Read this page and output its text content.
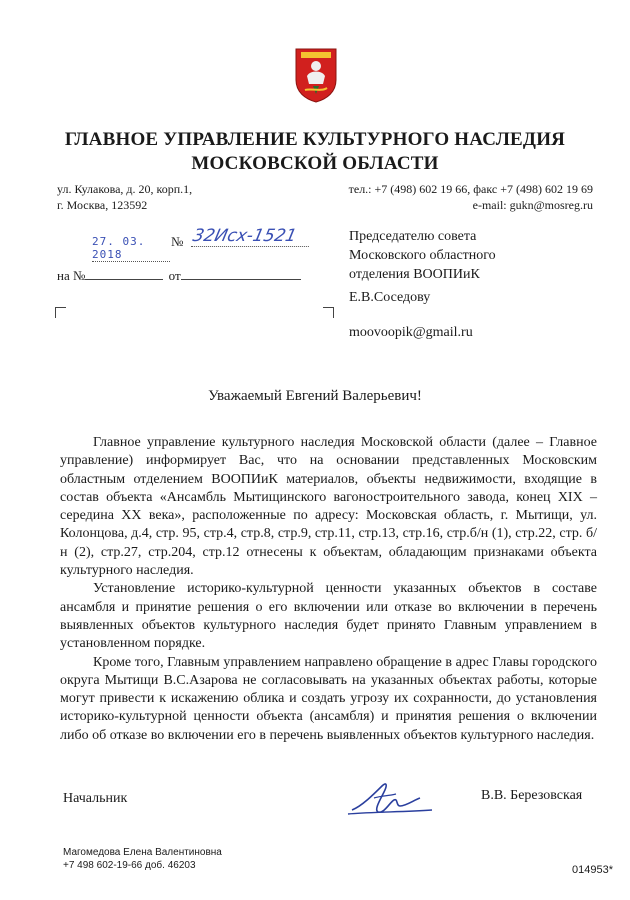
ГЛАВНОЕ УПРАВЛЕНИЕ КУЛЬТУРНОГО НАСЛЕДИЯ
МОСКОВСКОЙ ОБЛАСТИ
ул. Кулакова, д. 20, корп.1,
г. Москва, 123592
тел.: +7 (498) 602 19 66, факс +7 (498) 602 19 69
e-mail: gukn@mosreg.ru
27. 03. 2018
№ 32Исх-1521
на №	от
Председателю совета
Московского областного
отделения ВООПИиК
Е.В.Соседову
moovoopik@gmail.ru
Уважаемый Евгений Валерьевич!

Главное управление культурного наследия Московской области (далее – Главное управление) информирует Вас, что на основании представленных Московским областным отделением ВООПИиК материалов, объекты недвижимости, входящие в состав объекта «Ансамбль Мытищинского вагоностроительного завода, конец XIX – середина XX века», расположенные по адресу: Московская область, г. Мытищи, ул. Колонцова, д.4, стр. 95, стр.4, стр.8, стр.9, стр.11, стр.13, стр.16, стр.б/н (1), стр.22, стр. б/н (2), стр.27, стр.204, стр.12 отнесены к объектам, обладающим признаками объекта культурного наследия.

Установление историко-культурной ценности указанных объектов в составе ансамбля и принятие решения о его включении или отказе во включении в перечень выявленных объектов культурного наследия будет принято Главным управлением в установленном порядке.

Кроме того, Главным управлением направлено обращение в адрес Главы городского округа Мытищи В.С.Азарова не согласовывать на указанных объектах работы, которые могут привести к искажению облика и создать угрозу их сохранности, до установления историко-культурной ценности объекта (ансамбля) и принятия решения о включении либо об отказе во включении его в перечень выявленных объектов культурного наследия.

Начальник	В.В. Березовская
Магомедова Елена Валентиновна
+7 498 602-19-66 доб. 46203	014953*
